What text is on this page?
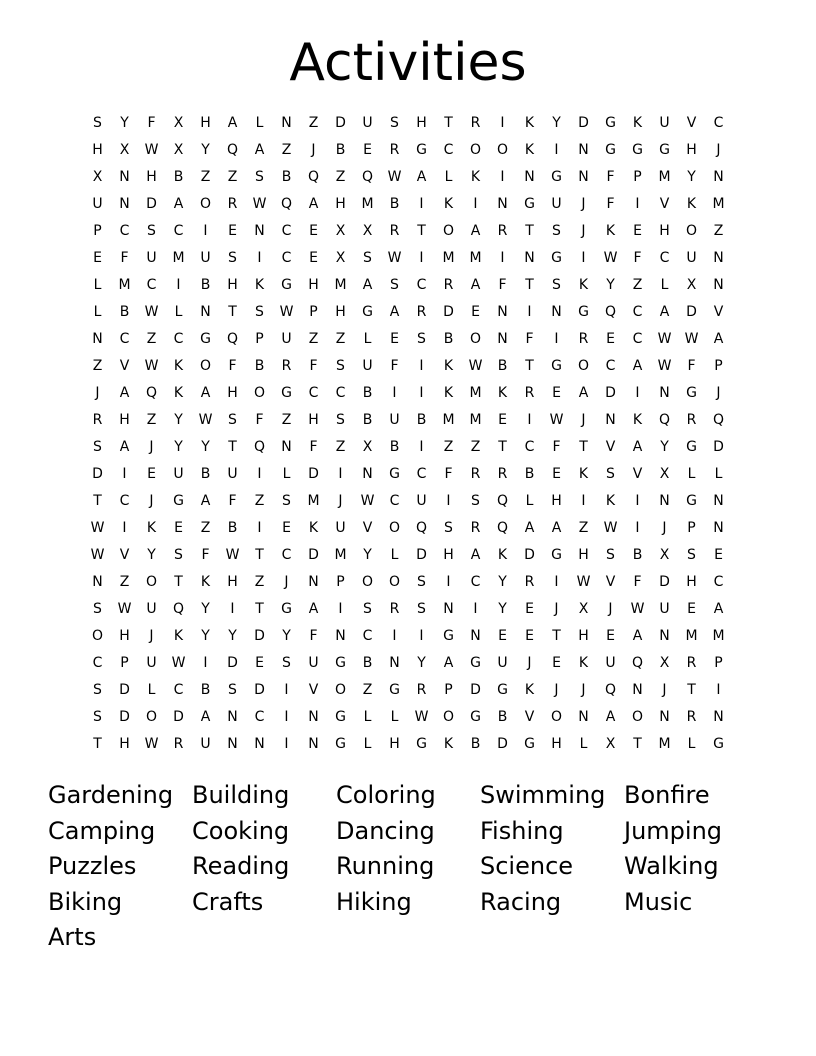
Activities
S	Y	F	X	H	A	L	N	Z	D	U	S	H	T	R	I	K	Y	D	G	K	U	V	C
H	X	W	X	Y	Q	A	Z	J	B	E	R	G	C	O	O	K	I	N	G	G	G	H	J
X	N	H	B	Z	Z	S	B	Q	Z	Q	W	A	L	K	I	N	G	N	F	P	M	Y	N
U	N	D	A	O	R	W	Q	A	H	M	B	I	K	I	N	G	U	J	F	I	V	K	M
P	C	S	C	I	E	N	C	E	X	X	R	T	O	A	R	T	S	J	K	E	H	O	Z
E	F	U	M	U	S	I	C	E	X	S	W	I	M	M	I	N	G	I	W	F	C	U	N
L	M	C	I	B	H	K	G	H	M	A	S	C	R	A	F	T	S	K	Y	Z	L	X	N
L	B	W	L	N	T	S	W	P	H	G	A	R	D	E	N	I	N	G	Q	C	A	D	V
N	C	Z	C	G	Q	P	U	Z	Z	L	E	S	B	O	N	F	I	R	E	C	W W	A
Z	V	W	K	O	F	B	R	F	S	U	F	I	K	W	B	T	G	O	C	A	W	F	P
J	A	Q	K	A	H	O	G	C	C	B	I	I	K	M	K	R	E	A	D	I	N	G	J
R	H	Z	Y	W	S	F	Z	H	S	B	U	B	M	M	E	I	W	J	N	K	Q	R	Q
S	A	J	Y	Y	T	Q	N	F	Z	X	B	I	Z	Z	T	C	F	T	V	A	Y	G	D
D	I	E	U	B	U	I	L	D	I	N	G	C	F	R	R	B	E	K	S	V	X	L	L
T	C	J	G	A	F	Z	S	M	J	W	C	U	I	S	Q	L	H	I	K	I	N	G	N
W	I	K	E	Z	B	I	E	K	U	V	O	Q	S	R	Q	A	A	Z	W	I	J	P	N
W	V	Y	S	F	W	T	C	D	M	Y	L	D	H	A	K	D	G	H	S	B	X	S	E
N	Z	O	T	K	H	Z	J	N	P	O	O	S	I	C	Y	R	I	W	V	F	D	H	C
S	W	U	Q	Y	I	T	G	A	I	S	R	S	N	I	Y	E	J	X	J	W	U	E	A
O	H	J	K	Y	Y	D	Y	F	N	C	I	I	G	N	E	E	T	H	E	A	N	M	M
C	P	U	W	I	D	E	S	U	G	B	N	Y	A	G	U	J	E	K	U	Q	X	R	P
S	D	L	C	B	S	D	I	V	O	Z	G	R	P	D	G	K	J	J	Q	N	J	T	I
S	D	O	D	A	N	C	I	N	G	L	L	W	O	G	B	V	O	N	A	O	N	R	N
T	H	W	R	U	N	N	I	N	G	L	H	G	K	B	D	G	H	L	X	T	M	L	G
Gardening Building	Coloring	Swimming Bonfire
Camping	Cooking	Dancing	Fishing	Jumping
Puzzles	Reading	Running	Science	Walking
Biking	Crafts	Hiking	Racing	Music
Arts
